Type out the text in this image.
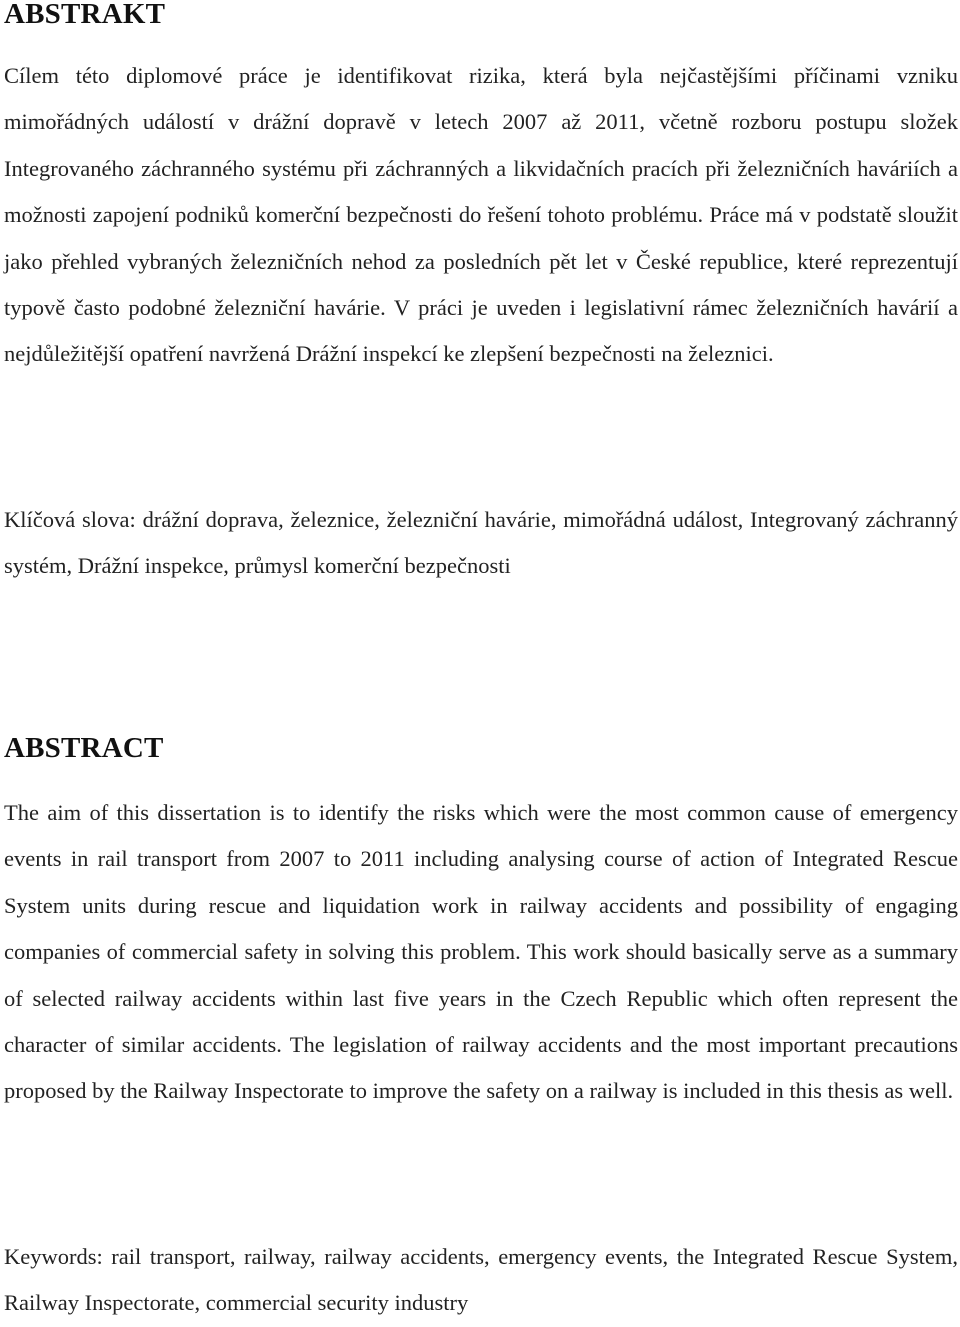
ABSTRAKT

Cílem této diplomové práce je identifikovat rizika, která byla nejčastějšími příčinami vzniku mimořádných událostí v drážní dopravě v letech 2007 až 2011, včetně rozboru postupu složek Integrovaného záchranného systému při záchranných a likvidačních pracích při železničních haváriích a možnosti zapojení podniků komerční bezpečnosti do řešení tohoto problému. Práce má v podstatě sloužit jako přehled vybraných železničních nehod za posledních pět let v České republice, které reprezentují typově často podobné železniční havárie. V práci je uveden i legislativní rámec železničních havárií a nejdůležitější opatření navržená Drážní inspekcí ke zlepšení bezpečnosti na železnici.

Klíčová slova: drážní doprava, železnice, železniční havárie, mimořádná událost, Integrovaný záchranný systém, Drážní inspekce, průmysl komerční bezpečnosti

ABSTRACT

The aim of this dissertation is to identify the risks which were the most common cause of emergency events in rail transport from 2007 to 2011 including analysing course of action of Integrated Rescue System units during rescue and liquidation work in railway accidents and possibility of engaging companies of commercial safety in solving this problem. This work should basically serve as a summary of selected railway accidents within last five years in the Czech Republic which often represent the character of similar accidents. The legislation of railway accidents and the most important precautions proposed by the Railway Inspectorate to improve the safety on a railway is included in this thesis as well.

Keywords: rail transport, railway, railway accidents, emergency events, the Integrated Rescue System, Railway Inspectorate, commercial security industry
